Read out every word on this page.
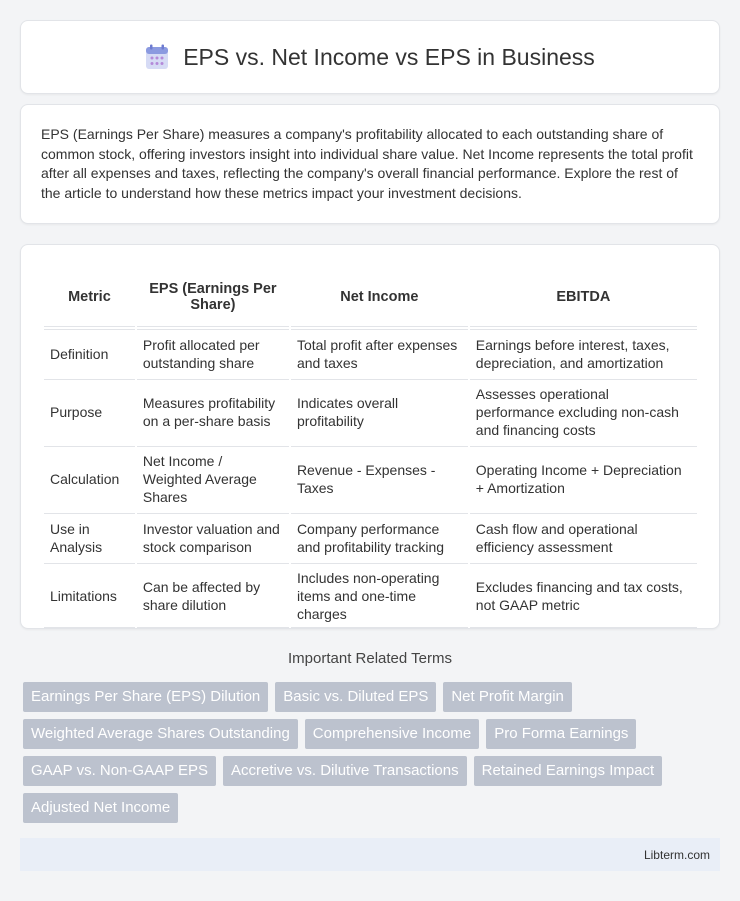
EPS vs. Net Income vs EPS in Business

EPS (Earnings Per Share) measures a company's profitability allocated to each outstanding share of common stock, offering investors insight into individual share value. Net Income represents the total profit after all expenses and taxes, reflecting the company's overall financial performance. Explore the rest of the article to understand how these metrics impact your investment decisions.

Metric	EPS (Earnings Per Share)	Net Income	EBITDA
Definition	Profit allocated per outstanding share	Total profit after expenses and taxes	Earnings before interest, taxes, depreciation, and amortization
Purpose	Measures profitability on a per-share basis	Indicates overall profitability	Assesses operational performance excluding non-cash and financing costs
Calculation	Net Income / Weighted Average Shares	Revenue - Expenses - Taxes	Operating Income + Depreciation + Amortization
Use in Analysis	Investor valuation and stock comparison	Company performance and profitability tracking	Cash flow and operational efficiency assessment
Limitations	Can be affected by share dilution	Includes non-operating items and one-time charges	Excludes financing and tax costs, not GAAP metric
Important Related Terms
Earnings Per Share (EPS) Dilution	Basic vs. Diluted EPS	Net Profit Margin
Weighted Average Shares Outstanding	Comprehensive Income	Pro Forma Earnings
GAAP vs. Non-GAAP EPS	Accretive vs. Dilutive Transactions	Retained Earnings Impact
Adjusted Net Income
Libterm.com
